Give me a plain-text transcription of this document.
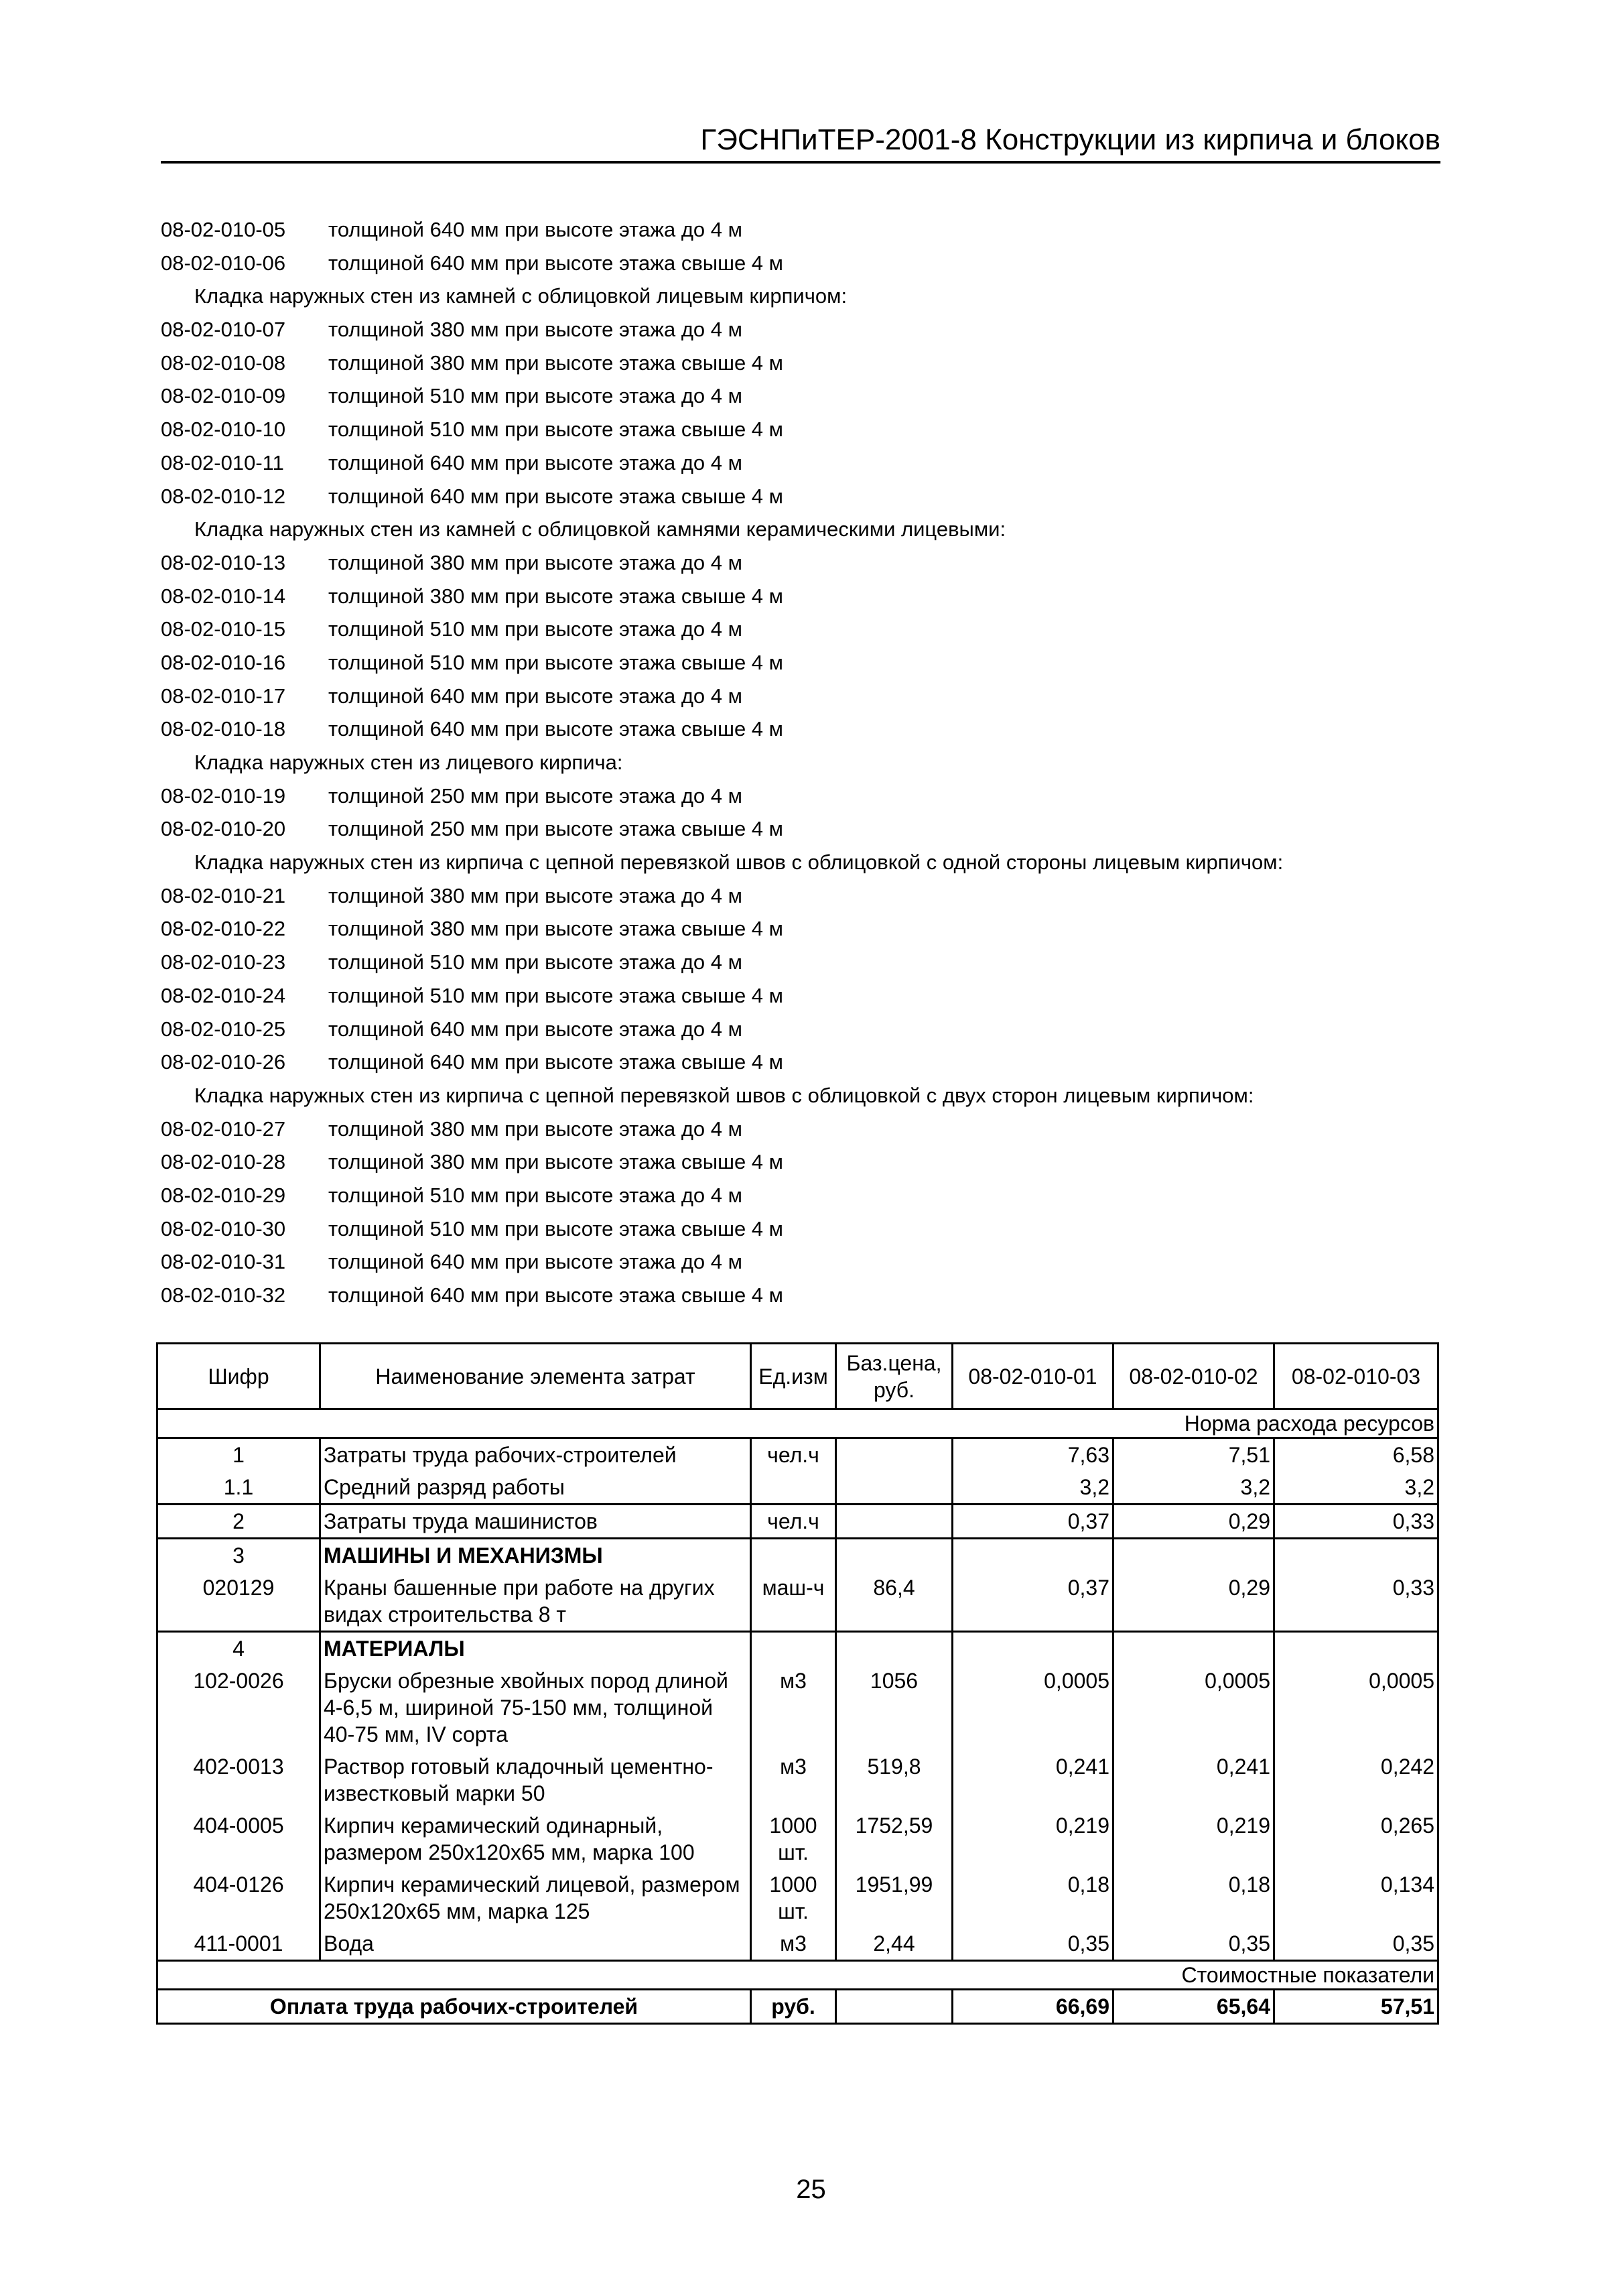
ГЭСНПиТЕР-2001-8 Конструкции из кирпича и блоков
08-02-010-05 толщиной 640 мм при высоте этажа до 4 м
08-02-010-06 толщиной 640 мм при высоте этажа свыше 4 м
Кладка наружных стен из камней с облицовкой лицевым кирпичом:
08-02-010-07 толщиной 380 мм при высоте этажа до 4 м
08-02-010-08 толщиной 380 мм при высоте этажа свыше 4 м
08-02-010-09 толщиной 510 мм при высоте этажа до 4 м
08-02-010-10 толщиной 510 мм при высоте этажа свыше 4 м
08-02-010-11 толщиной 640 мм при высоте этажа до 4 м
08-02-010-12 толщиной 640 мм при высоте этажа свыше 4 м
Кладка наружных стен из камней с облицовкой камнями керамическими лицевыми:
08-02-010-13 толщиной 380 мм при высоте этажа до 4 м
08-02-010-14 толщиной 380 мм при высоте этажа свыше 4 м
08-02-010-15 толщиной 510 мм при высоте этажа до 4 м
08-02-010-16 толщиной 510 мм при высоте этажа свыше 4 м
08-02-010-17 толщиной 640 мм при высоте этажа до 4 м
08-02-010-18 толщиной 640 мм при высоте этажа свыше 4 м
Кладка наружных стен из лицевого кирпича:
08-02-010-19 толщиной 250 мм при высоте этажа до 4 м
08-02-010-20 толщиной 250 мм при высоте этажа свыше 4 м
Кладка наружных стен из кирпича с цепной перевязкой швов с облицовкой с одной стороны лицевым кирпичом:
08-02-010-21 толщиной 380 мм при высоте этажа до 4 м
08-02-010-22 толщиной 380 мм при высоте этажа свыше 4 м
08-02-010-23 толщиной 510 мм при высоте этажа до 4 м
08-02-010-24 толщиной 510 мм при высоте этажа свыше 4 м
08-02-010-25 толщиной 640 мм при высоте этажа до 4 м
08-02-010-26 толщиной 640 мм при высоте этажа свыше 4 м
Кладка наружных стен из кирпича с цепной перевязкой швов с облицовкой с двух сторон лицевым кирпичом:
08-02-010-27 толщиной 380 мм при высоте этажа до 4 м
08-02-010-28 толщиной 380 мм при высоте этажа свыше 4 м
08-02-010-29 толщиной 510 мм при высоте этажа до 4 м
08-02-010-30 толщиной 510 мм при высоте этажа свыше 4 м
08-02-010-31 толщиной 640 мм при высоте этажа до 4 м
08-02-010-32 толщиной 640 мм при высоте этажа свыше 4 м
Шифр	Наименование элемента затрат	Ед.изм	Баз.цена, руб.	08-02-010-01	08-02-010-02	08-02-010-03
Норма расхода ресурсов						
1	Затраты труда рабочих-строителей	чел.ч		7,63	7,51	6,58
1.1	Средний разряд работы			3,2	3,2	3,2
2	Затраты труда машинистов	чел.ч		0,37	0,29	0,33
3	МАШИНЫ И МЕХАНИЗМЫ					
020129	Краны башенные при работе на других видах строительства 8 т	маш-ч	86,4	0,37	0,29	0,33
4	МАТЕРИАЛЫ					
102-0026	Бруски обрезные хвойных пород длиной 4-6,5 м, шириной 75-150 мм, толщиной 40-75 мм, IV сорта	м3	1056	0,0005	0,0005	0,0005
402-0013	Раствор готовый кладочный цементно-известковый марки 50	м3	519,8	0,241	0,241	0,242
404-0005	Кирпич керамический одинарный, размером 250х120х65 мм, марка 100	1000 шт.	1752,59	0,219	0,219	0,265
404-0126	Кирпич керамический лицевой, размером 250х120х65 мм, марка 125	1000 шт.	1951,99	0,18	0,18	0,134
411-0001	Вода	м3	2,44	0,35	0,35	0,35
Стоимостные показатели						
Оплата труда рабочих-строителей		руб.		66,69	65,64	57,51
25
